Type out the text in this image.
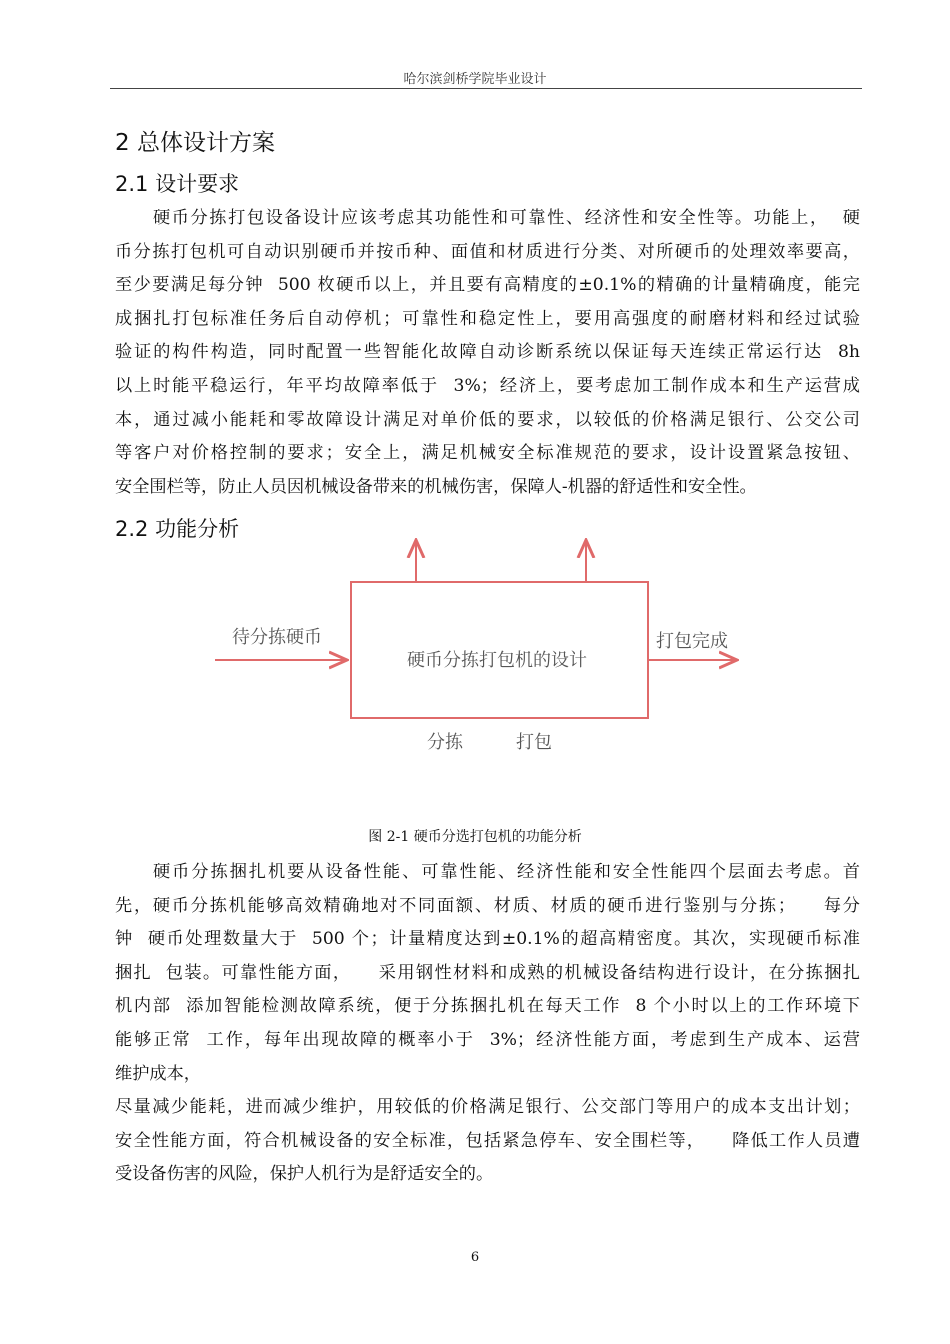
哈尔滨剑桥学院毕业设计
2 总体设计方案
2.1 设计要求
硬币分拣打包设备设计应该考虑其功能性和可靠性、经济性和安全性等。功能上，  硬
币分拣打包机可自动识别硬币并按币种、面值和材质进行分类、对所硬币的处理效率要高，
至少要满足每分钟  500 枚硬币以上，并且要有高精度的±0.1%的精确的计量精确度，能完
成捆扎打包标准任务后自动停机；可靠性和稳定性上，要用高强度的耐磨材料和经过试验
验证的构件构造，同时配置一些智能化故障自动诊断系统以保证每天连续正常运行达  8h
以上时能平稳运行，年平均故障率低于  3%；经济上，要考虑加工制作成本和生产运营成
本，通过减小能耗和零故障设计满足对单价低的要求，以较低的价格满足银行、公交公司
等客户对价格控制的要求；安全上，满足机械安全标准规范的要求，设计设置紧急按钮、
安全围栏等，防止人员因机械设备带来的机械伤害，保障人-机器的舒适性和安全性。
2.2 功能分析
待分拣硬币
硬币分拣打包机的设计
打包完成
分拣	打包
图 2-1 硬币分选打包机的功能分析
硬币分拣捆扎机要从设备性能、可靠性能、经济性能和安全性能四个层面去考虑。首
先，硬币分拣机能够高效精确地对不同面额、材质、材质的硬币进行鉴别与分拣；    每分
钟  硬币处理数量大于  500 个；计量精度达到±0.1%的超高精密度。其次，实现硬币标准
捆扎  包装。可靠性能方面，    采用钢性材料和成熟的机械设备结构进行设计，在分拣捆扎
机内部  添加智能检测故障系统，便于分拣捆扎机在每天工作  8 个小时以上的工作环境下
能够正常  工作，每年出现故障的概率小于  3%；经济性能方面，考虑到生产成本、运营
维护成本，
尽量减少能耗，进而减少维护，用较低的价格满足银行、公交部门等用户的成本支出计划；
安全性能方面，符合机械设备的安全标准，包括紧急停车、安全围栏等，    降低工作人员遭
受设备伤害的风险，保护人机行为是舒适安全的。
6
